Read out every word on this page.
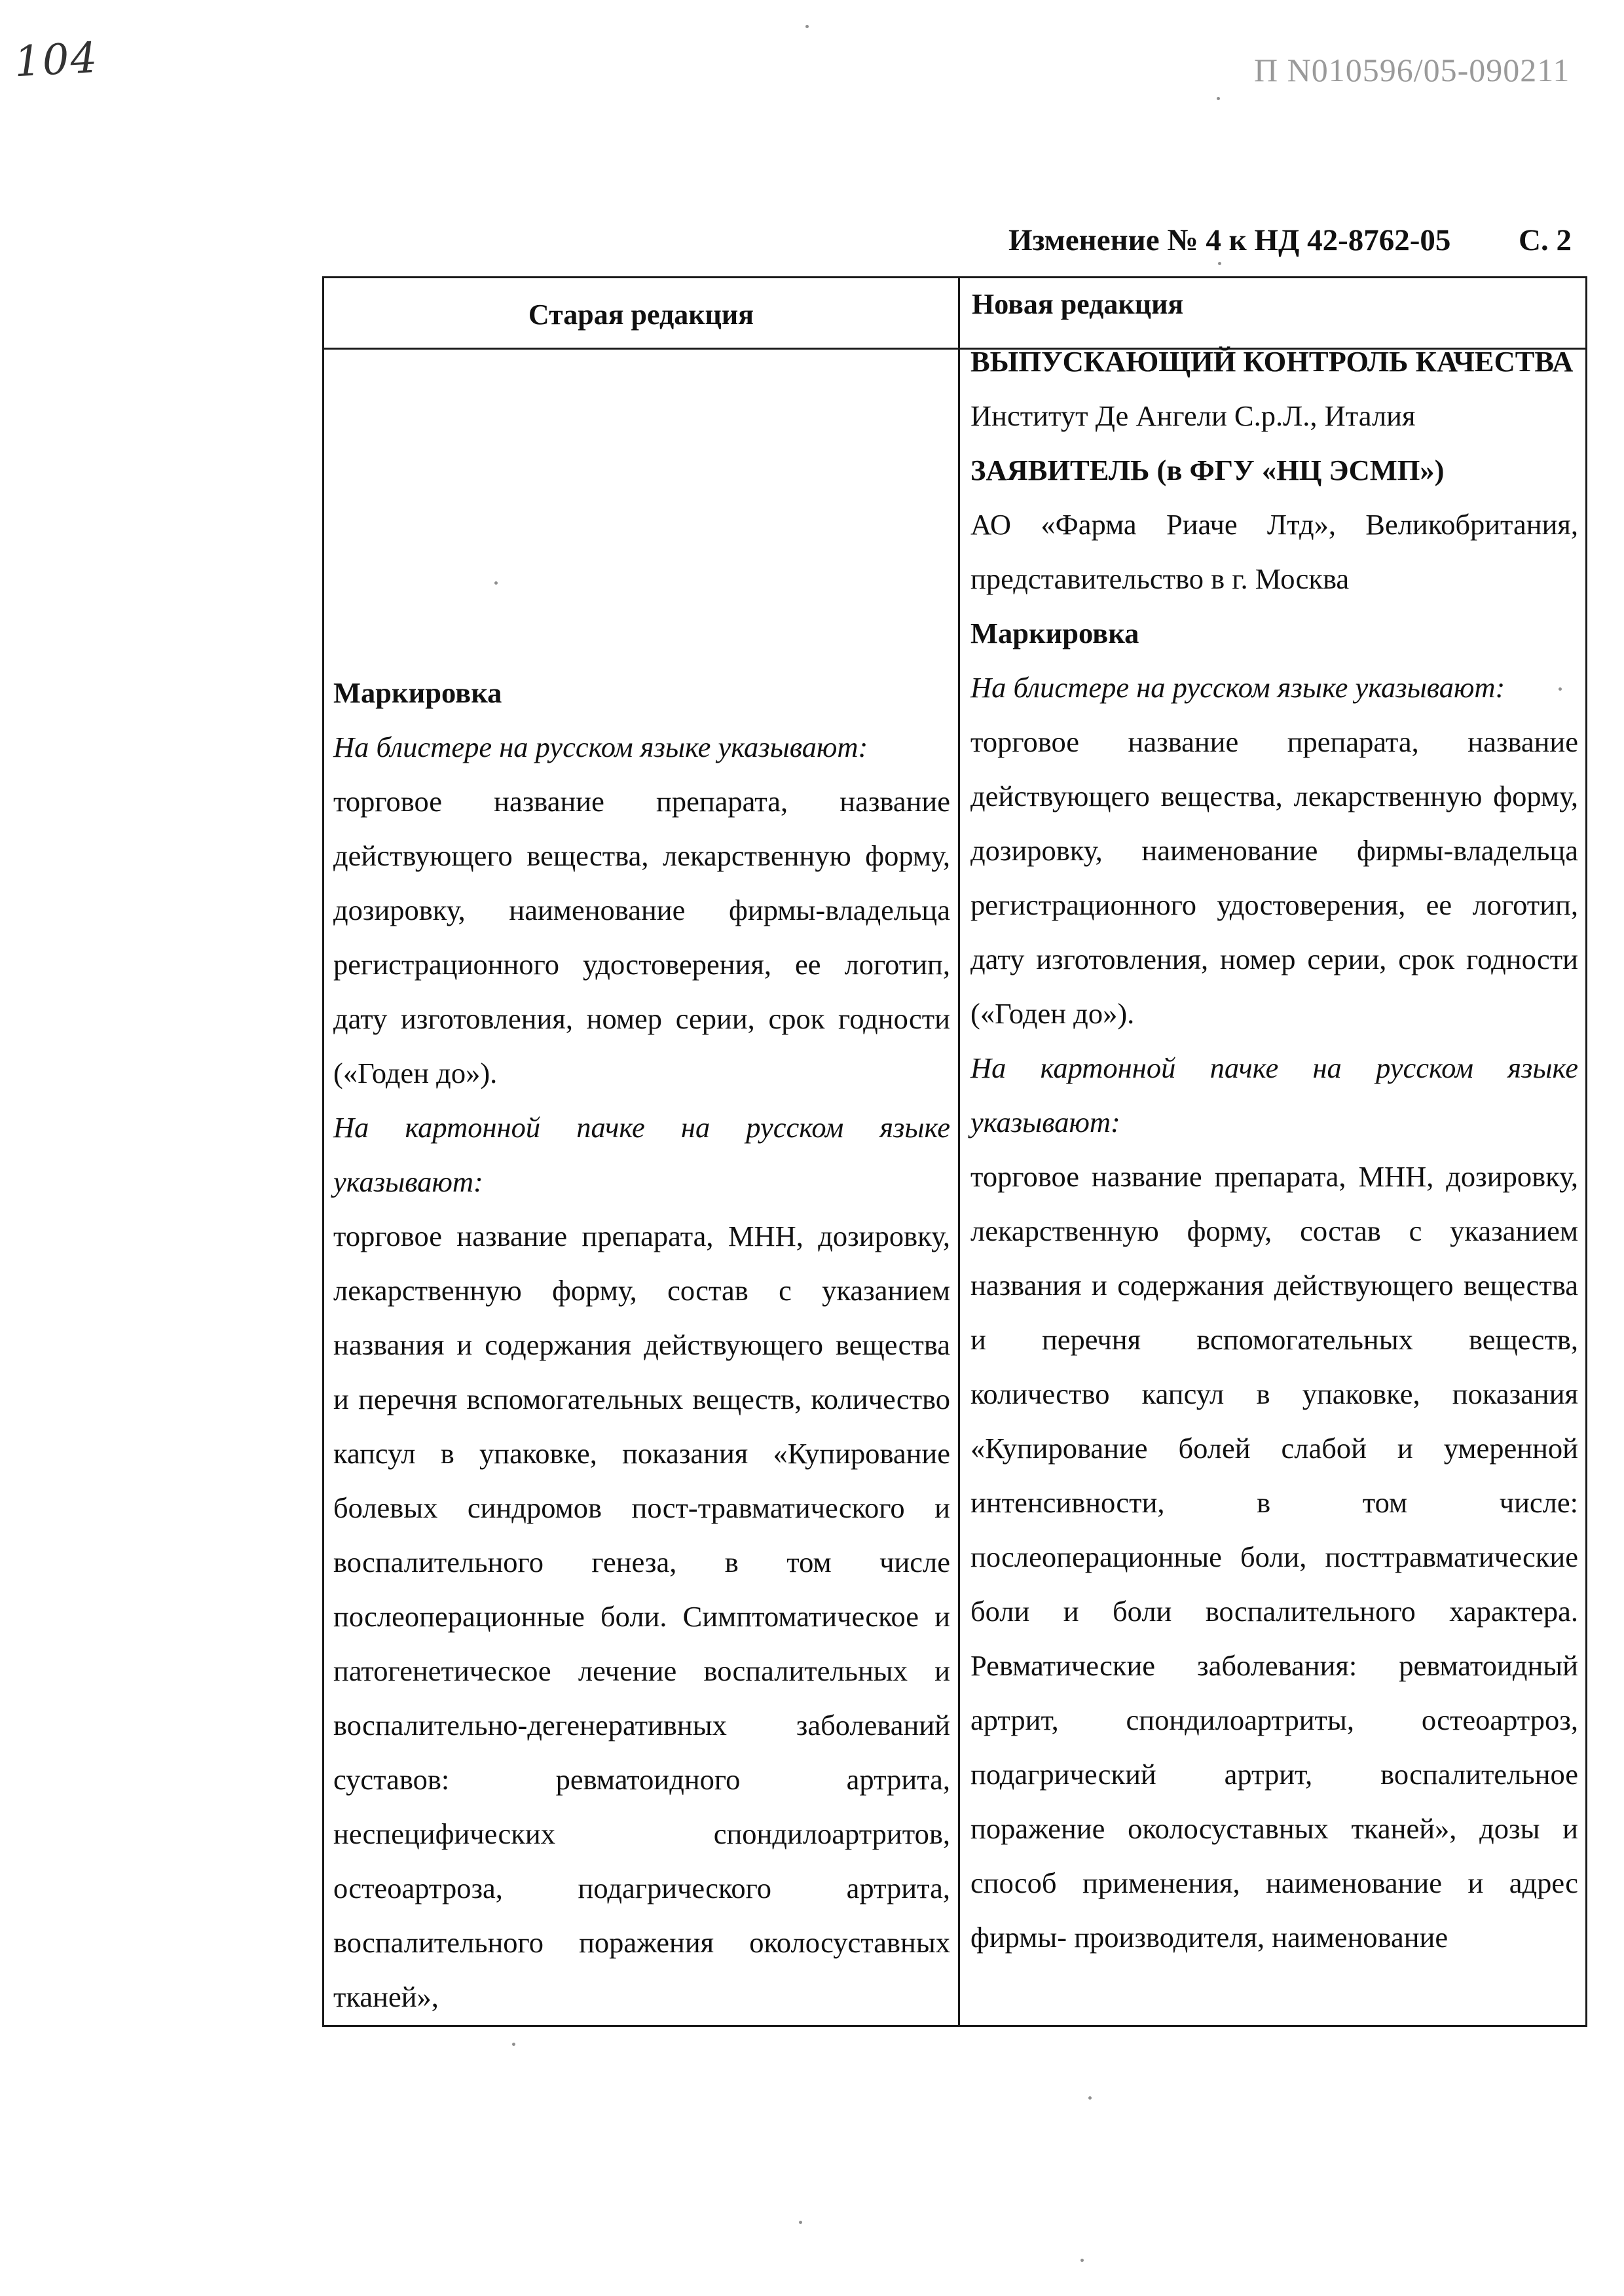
104	П N010596/05-090211
Изменение № 4 к НД 42-8762-05 С. 2
Старая редакция	Новая редакция

Маркировка

На блистере на русском языке указывают:

торговое название препарата, название действующего вещества, лекарственную форму, дозировку, наименование фирмы-владельца регистрационного удостоверения, ее логотип, дату изготовления, номер серии, срок годности («Годен до»).

На картонной пачке на русском языке указывают:

торговое название препарата, МНН, дозировку, лекарственную форму, состав с указанием названия и содержания действующего вещества и перечня вспомогательных веществ, количество капсул в упаковке, показания «Купирование болевых синдромов пост-травматического и воспалительного генеза, в том числе послеоперационные боли. Симптоматическое и патогенетическое лечение воспалительных и воспалительно-дегенеративных заболеваний суставов: ревматоидного артрита, неспецифических спондилоартритов, остеоартроза, подагрического артрита, воспалительного поражения околосуставных тканей»,

ВЫПУСКАЮЩИЙ КОНТРОЛЬ КАЧЕСТВА

Институт Де Ангели С.р.Л., Италия

ЗАЯВИТЕЛЬ (в ФГУ «НЦ ЭСМП»)

АО «Фарма Риаче Лтд», Великобритания, представительство в г. Москва

Маркировка

На блистере на русском языке указывают:

торговое название препарата, название действующего вещества, лекарственную форму, дозировку, наименование фирмы-владельца регистрационного удостоверения, ее логотип, дату изготовления, номер серии, срок годности («Годен до»).

На картонной пачке на русском языке указывают:

торговое название препарата, МНН, дозировку, лекарственную форму, состав с указанием названия и содержания действующего вещества и перечня вспомогательных веществ, количество капсул в упаковке, показания «Купирование болей слабой и умеренной интенсивности, в том числе: послеоперационные боли, посттравматические боли и боли воспалительного характера. Ревматические заболевания: ревматоидный артрит, спондилоартриты, остеоартроз, подагрический артрит, воспалительное поражение околосуставных тканей», дозы и способ применения, наименование и адрес фирмы- производителя, наименование
